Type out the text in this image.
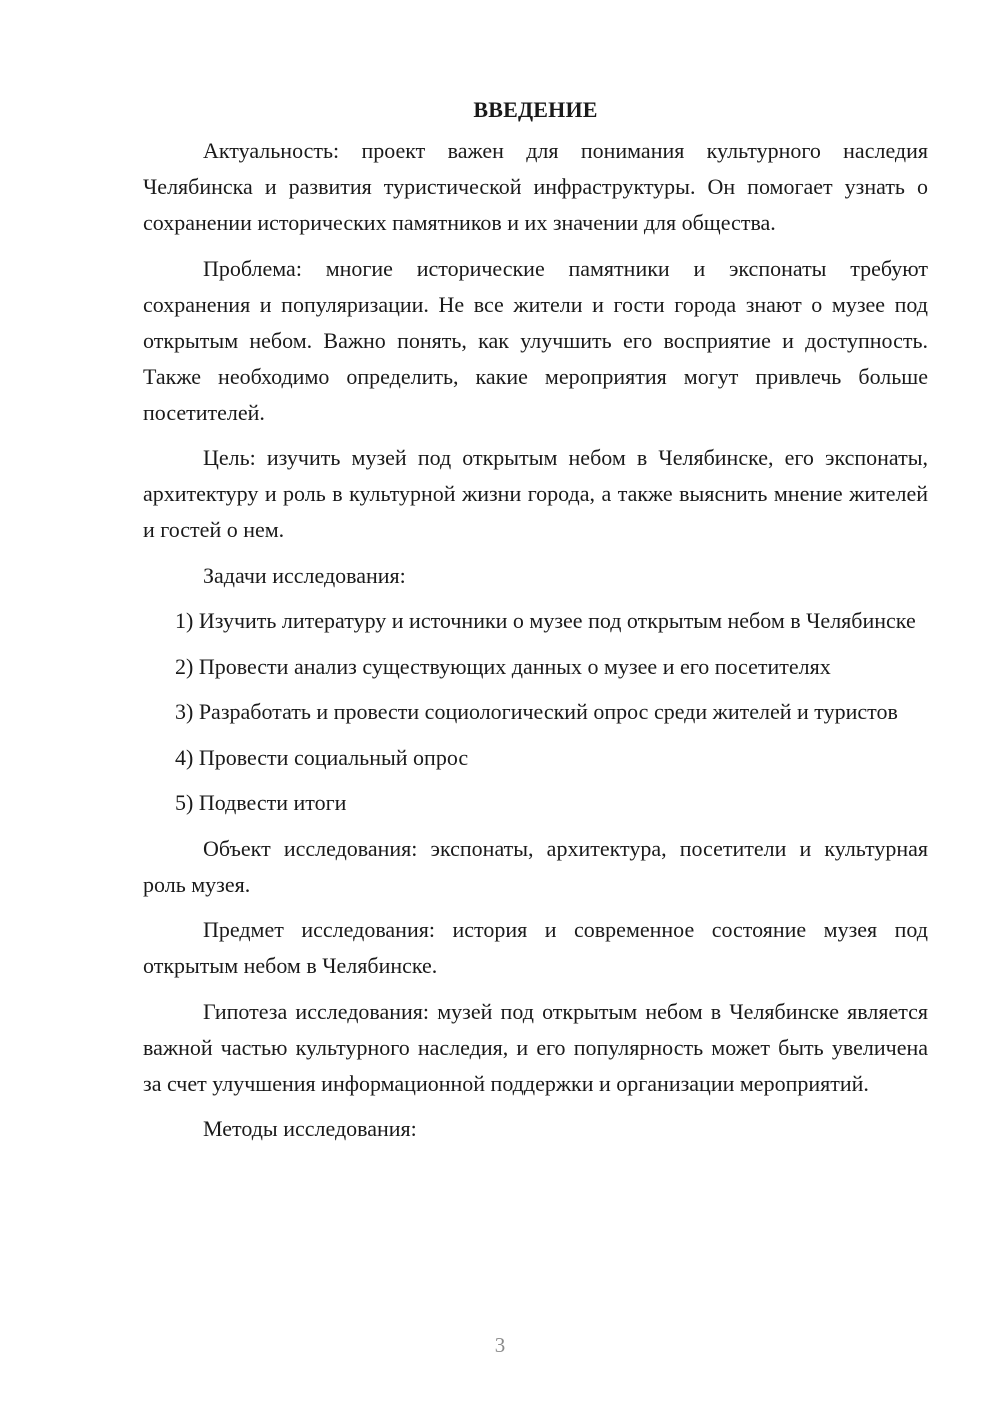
ВВЕДЕНИЕ

Актуальность: проект важен для понимания культурного наследия Челябинска и развития туристической инфраструктуры. Он помогает узнать о сохранении исторических памятников и их значении для общества.

Проблема: многие исторические памятники и экспонаты требуют сохранения и популяризации. Не все жители и гости города знают о музее под открытым небом. Важно понять, как улучшить его восприятие и доступность. Также необходимо определить, какие мероприятия могут привлечь больше посетителей.

Цель: изучить музей под открытым небом в Челябинске, его экспонаты, архитектуру и роль в культурной жизни города, а также выяснить мнение жителей и гостей о нем.

Задачи исследования:

1) Изучить литературу и источники о музее под открытым небом в Челябинске

2) Провести анализ существующих данных о музее и его посетителях

3) Разработать и провести социологический опрос среди жителей и туристов

4) Провести социальный опрос

5) Подвести итоги

Объект исследования: экспонаты, архитектура, посетители и культурная роль музея.

Предмет исследования: история и современное состояние музея под открытым небом в Челябинске.

Гипотеза исследования: музей под открытым небом в Челябинске является важной частью культурного наследия, и его популярность может быть увеличена за счет улучшения информационной поддержки и организации мероприятий.

Методы исследования:

3
